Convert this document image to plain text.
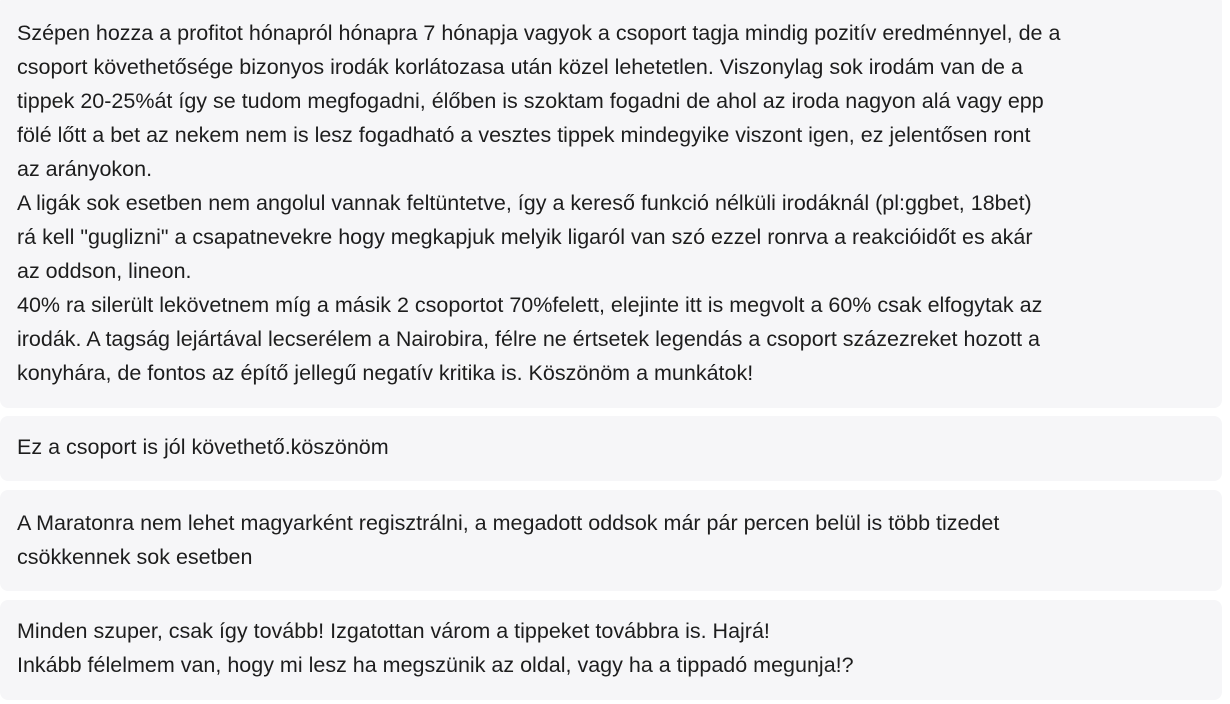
Szépen hozza a profitot hónapról hónapra 7 hónapja vagyok a csoport tagja mindig pozitív eredménnyel, de a
csoport követhetősége bizonyos irodák korlátozasa után közel lehetetlen. Viszonylag sok irodám van de a
tippek 20-25%át így se tudom megfogadni, élőben is szoktam fogadni de ahol az iroda nagyon alá vagy epp
fölé lőtt a bet az nekem nem is lesz fogadható a vesztes tippek mindegyike viszont igen, ez jelentősen ront
az arányokon.
A ligák sok esetben nem angolul vannak feltüntetve, így a kereső funkció nélküli irodáknál (pl:ggbet, 18bet)
rá kell "guglizni" a csapatnevekre hogy megkapjuk melyik ligaról van szó ezzel ronrva a reakcióidőt es akár
az oddson, lineon.
40% ra silerült lekövetnem míg a másik 2 csoportot 70%felett, elejinte itt is megvolt a 60% csak elfogytak az
irodák. A tagság lejártával lecserélem a Nairobira, félre ne értsetek legendás a csoport százezreket hozott a
konyhára, de fontos az építő jellegű negatív kritika is. Köszönöm a munkátok!

Ez a csoport is jól követhető.köszönöm

A Maratonra nem lehet magyarként regisztrálni, a megadott oddsok már pár percen belül is több tizedet
csökkennek sok esetben

Minden szuper, csak így tovább! Izgatottan várom a tippeket továbbra is. Hajrá!
Inkább félelmem van, hogy mi lesz ha megszünik az oldal, vagy ha a tippadó megunja!?
